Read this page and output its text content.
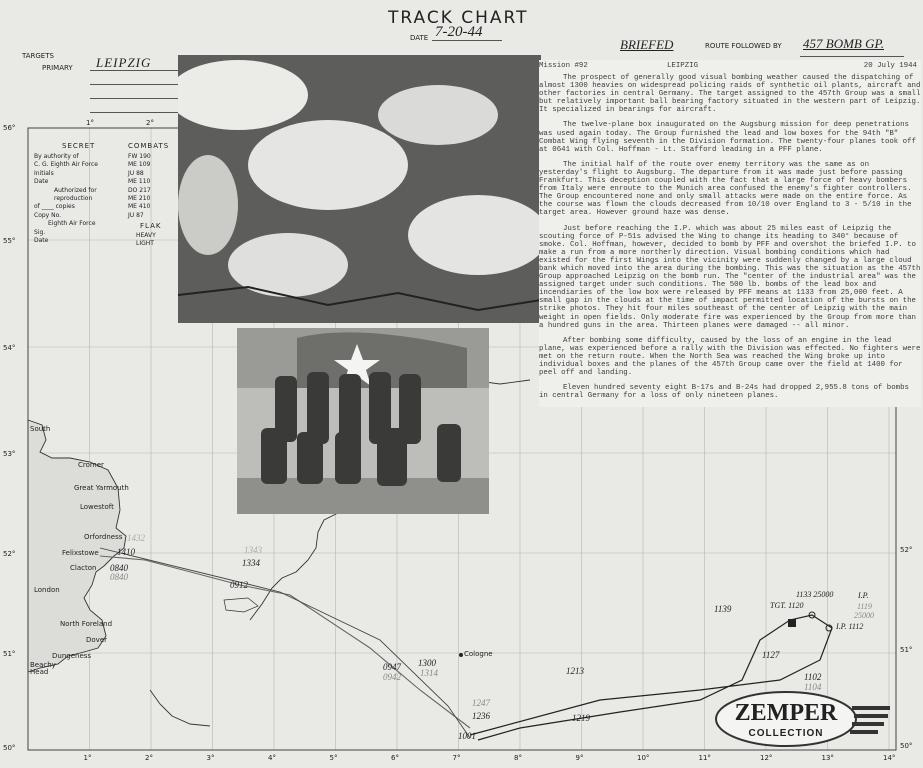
TRACK CHART
DATE 7-20-44
TARGETS
PRIMARY LEIPZIG
BRIEFED	ROUTE FOLLOWED BY 457 BOMB GP.
SECRET
By authority of
C. G. Eighth Air Force
Initials
Date
Authorized for
reproduction
of ____ copies
Copy No.
Eighth Air Force
Sig.
Date
COMBATS
FW 190
ME 109
JU 88
ME 110
DO 217
ME 210
ME 410
JU 87
FLAK
HEAVY
LIGHT
Mission #92	LEIPZIG	20 July 1944

The prospect of generally good visual bombing weather caused the dispatching of almost 1300 heavies on widespread policing raids of synthetic oil plants, aircraft and other factories in central Germany. The target assigned to the 457th Group was a small but relatively important ball bearing factory situated in the western part of Leipzig. It specialized in bearings for aircraft.

The twelve-plane box inaugurated on the Augsburg mission for deep penetrations was used again today. The Group furnished the lead and low boxes for the 94th "B" Combat Wing flying seventh in the Division formation. The twenty-four planes took off at 0641 with Col. Hoffman - Lt. Stafford leading in a PFF plane.

The initial half of the route over enemy territory was the same as on yesterday's flight to Augsburg. The departure from it was made just before passing Frankfurt. This deception coupled with the fact that a large force of heavy bombers from Italy were enroute to the Munich area confused the enemy's fighter controllers. The Group encountered none and only small attacks were made on the entire force. As the course was flown the clouds decreased from 10/10 over England to 3 - 5/10 in the target area. However ground haze was dense.

Just before reaching the I.P. which was about 25 miles east of Leipzig the scouting force of P-51s advised the Wing to change its heading to 340° because of smoke. Col. Hoffman, however, decided to bomb by PFF and overshot the briefed I.P. to make a run from a more northerly direction. Visual bombing conditions which had existed for the first Wings into the vicinity were suddenly changed by a large cloud bank which moved into the area during the bombing. This was the situation as the 457th Group approached Leipzig on the bomb run. The "center of the industrial area" was the assigned target under such conditions. The 500 lb. bombs of the lead box and incendiaries of the low box were released by PFF means at 1133 from 25,000 feet. A small gap in the clouds at the time of impact permitted location of the bursts on the strike photos. They hit four miles southeast of the center of Leipzig with the main weight in open fields. Only moderate fire was experienced by the Group from more than a hundred guns in the area. Thirteen planes were damaged -- all minor.

After bombing some difficulty, caused by the loss of an engine in the lead plane, was experienced before a rally with the Division was effected. No fighters were met on the return route. When the North Sea was reached the Wing broke up into individual boxes and the planes of the 457th Group came over the field at 1400 for peel off and landing.

Eleven hundred seventy eight B-17s and B-24s had dropped 2,955.8 tons of bombs in central Germany for a loss of only nineteen planes.

Cromer
Great Yarmouth
Lowestoft
Orfordness
Felixstowe
Clacton
London
North Foreland
Dover
Dungeness
Beachy Head
Cologne
South
56°
55°
54°
53°
52°
51°
50°
52°
51°
50°
1°	2°	3°	4°	5°	6°	7°	8°	9°	10°	11°	12°	13°	14°
1°	2°
1410
0840
0840
1334
0912
0947
0942
1300
1314
1247
1236
1001
1219
1213
1139
1127
1102
1104
1133 25000
TGT. 1120
I.P.
1119
25000
I.P. 1112
1432
1343
ZEMPER
COLLECTION
